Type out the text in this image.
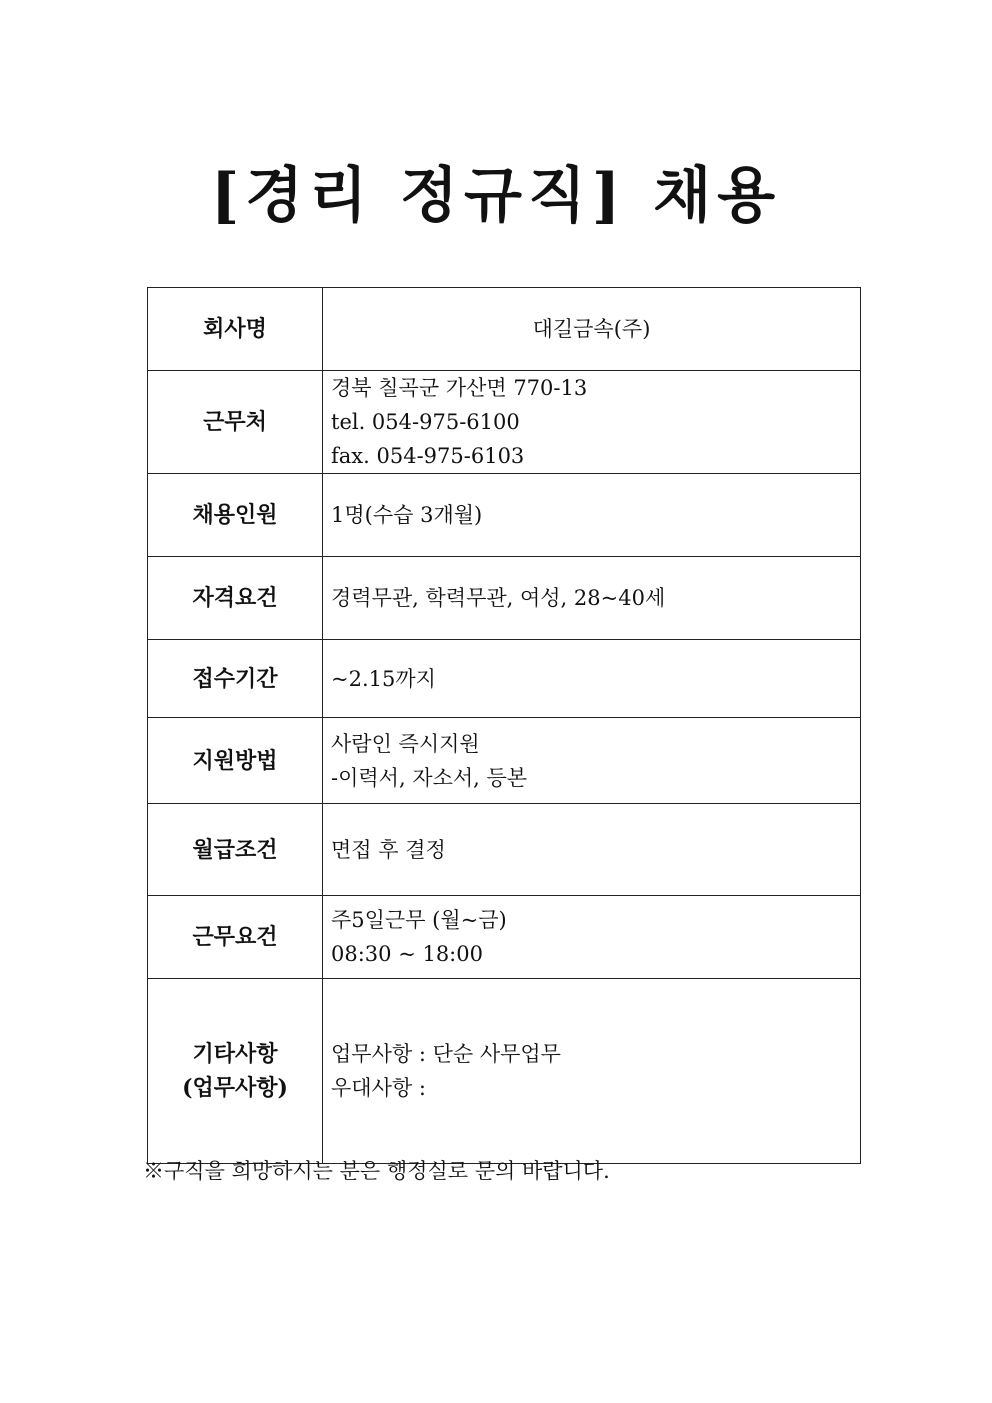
[경리 정규직] 채용
회사명	대길금속(주)

근무처	경북 칠곡군 가산면 770-13
tel. 054-975-6100
fax. 054-975-6103

채용인원	1명(수습 3개월)

자격요건	경력무관, 학력무관, 여성, 28~40세

접수기간	~2.15까지

지원방법	사람인 즉시지원
-이력서, 자소서, 등본

월급조건	면접 후 결정

근무요건	주5일근무 (월~금)
08:30 ~ 18:00

기타사항
(업무사항)	업무사항 : 단순 사무업무
우대사항 :

※구직을 희망하시는 분은 행정실로 문의 바랍니다.
